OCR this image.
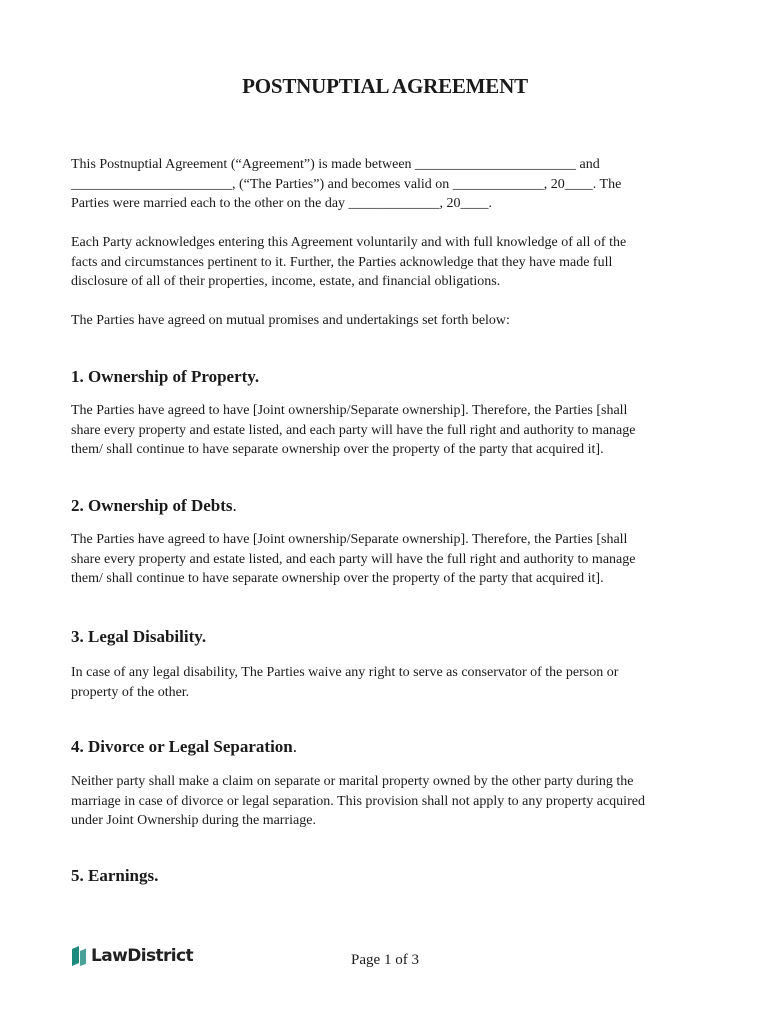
POSTNUPTIAL AGREEMENT

This Postnuptial Agreement (“Agreement”) is made between _______________________ and
_______________________, (“The Parties”) and becomes valid on _____________, 20____. The
Parties were married each to the other on the day _____________, 20____.

Each Party acknowledges entering this Agreement voluntarily and with full knowledge of all of the
facts and circumstances pertinent to it. Further, the Parties acknowledge that they have made full
disclosure of all of their properties, income, estate, and financial obligations.

The Parties have agreed on mutual promises and undertakings set forth below:

1. Ownership of Property.

The Parties have agreed to have [Joint ownership/Separate ownership]. Therefore, the Parties [shall
share every property and estate listed, and each party will have the full right and authority to manage
them/ shall continue to have separate ownership over the property of the party that acquired it].

2. Ownership of Debts.

The Parties have agreed to have [Joint ownership/Separate ownership]. Therefore, the Parties [shall
share every property and estate listed, and each party will have the full right and authority to manage
them/ shall continue to have separate ownership over the property of the party that acquired it].

3. Legal Disability.

In case of any legal disability, The Parties waive any right to serve as conservator of the person or
property of the other.

4. Divorce or Legal Separation.

Neither party shall make a claim on separate or marital property owned by the other party during the
marriage in case of divorce or legal separation. This provision shall not apply to any property acquired
under Joint Ownership during the marriage.

5. Earnings.
LawDistrict	Page 1 of 3
